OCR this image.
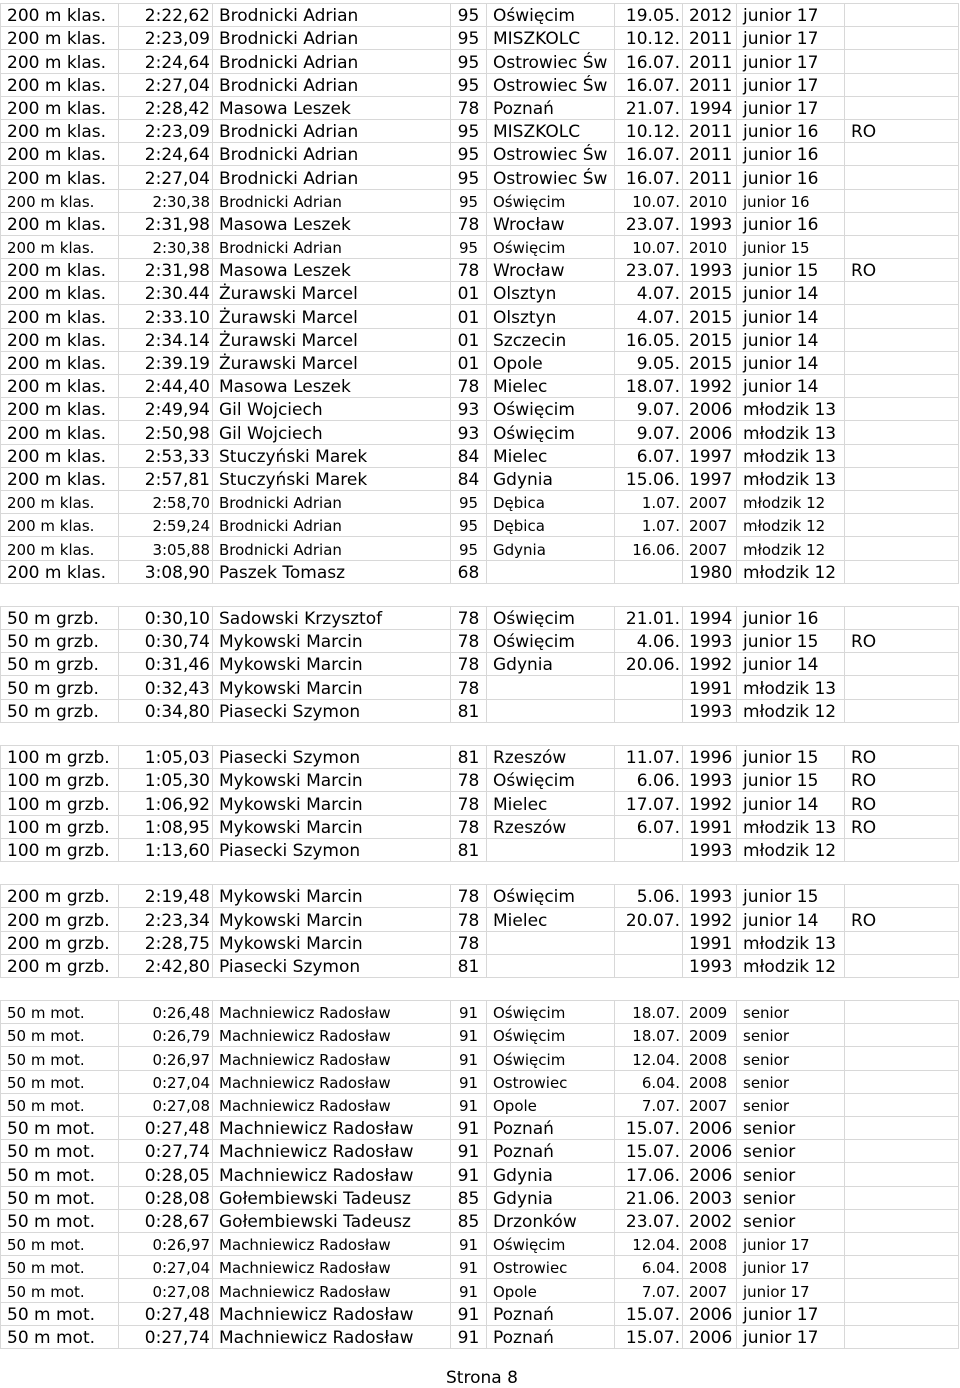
200 m klas.	2:22,62	Brodnicki Adrian	95	Oświęcim	19.05.	2012	junior 17	
200 m klas.	2:23,09	Brodnicki Adrian	95	MISZKOLC	10.12.	2011	junior 17	
200 m klas.	2:24,64	Brodnicki Adrian	95	Ostrowiec Św	16.07.	2011	junior 17	
200 m klas.	2:27,04	Brodnicki Adrian	95	Ostrowiec Św	16.07.	2011	junior 17	
200 m klas.	2:28,42	Masowa Leszek	78	Poznań	21.07.	1994	junior 17	
200 m klas.	2:23,09	Brodnicki Adrian	95	MISZKOLC	10.12.	2011	junior 16	RO
200 m klas.	2:24,64	Brodnicki Adrian	95	Ostrowiec Św	16.07.	2011	junior 16	
200 m klas.	2:27,04	Brodnicki Adrian	95	Ostrowiec Św	16.07.	2011	junior 16	
200 m klas.	2:30,38	Brodnicki Adrian	95	Oświęcim	10.07.	2010	junior 16	
200 m klas.	2:31,98	Masowa Leszek	78	Wrocław	23.07.	1993	junior 16	
200 m klas.	2:30,38	Brodnicki Adrian	95	Oświęcim	10.07.	2010	junior 15	
200 m klas.	2:31,98	Masowa Leszek	78	Wrocław	23.07.	1993	junior 15	RO
200 m klas.	2:30.44	Żurawski Marcel	01	Olsztyn	4.07.	2015	junior 14	
200 m klas.	2:33.10	Żurawski Marcel	01	Olsztyn	4.07.	2015	junior 14	
200 m klas.	2:34.14	Żurawski Marcel	01	Szczecin	16.05.	2015	junior 14	
200 m klas.	2:39.19	Żurawski Marcel	01	Opole	9.05.	2015	junior 14	
200 m klas.	2:44,40	Masowa Leszek	78	Mielec	18.07.	1992	junior 14	
200 m klas.	2:49,94	Gil Wojciech	93	Oświęcim	9.07.	2006	młodzik 13	
200 m klas.	2:50,98	Gil Wojciech	93	Oświęcim	9.07.	2006	młodzik 13	
200 m klas.	2:53,33	Stuczyński Marek	84	Mielec	6.07.	1997	młodzik 13	
200 m klas.	2:57,81	Stuczyński Marek	84	Gdynia	15.06.	1997	młodzik 13	
200 m klas.	2:58,70	Brodnicki Adrian	95	Dębica	1.07.	2007	młodzik 12	
200 m klas.	2:59,24	Brodnicki Adrian	95	Dębica	1.07.	2007	młodzik 12	
200 m klas.	3:05,88	Brodnicki Adrian	95	Gdynia	16.06.	2007	młodzik 12	
200 m klas.	3:08,90	Paszek Tomasz	68			1980	młodzik 12	

50 m grzb.	0:30,10	Sadowski Krzysztof	78	Oświęcim	21.01.	1994	junior 16	
50 m grzb.	0:30,74	Mykowski Marcin	78	Oświęcim	4.06.	1993	junior 15	RO
50 m grzb.	0:31,46	Mykowski Marcin	78	Gdynia	20.06.	1992	junior 14	
50 m grzb.	0:32,43	Mykowski Marcin	78			1991	młodzik 13	
50 m grzb.	0:34,80	Piasecki Szymon	81			1993	młodzik 12	

100 m grzb.	1:05,03	Piasecki Szymon	81	Rzeszów	11.07.	1996	junior 15	RO
100 m grzb.	1:05,30	Mykowski Marcin	78	Oświęcim	6.06.	1993	junior 15	RO
100 m grzb.	1:06,92	Mykowski Marcin	78	Mielec	17.07.	1992	junior 14	RO
100 m grzb.	1:08,95	Mykowski Marcin	78	Rzeszów	6.07.	1991	młodzik 13	RO
100 m grzb.	1:13,60	Piasecki Szymon	81			1993	młodzik 12	

200 m grzb.	2:19,48	Mykowski Marcin	78	Oświęcim	5.06.	1993	junior 15	
200 m grzb.	2:23,34	Mykowski Marcin	78	Mielec	20.07.	1992	junior 14	RO
200 m grzb.	2:28,75	Mykowski Marcin	78			1991	młodzik 13	
200 m grzb.	2:42,80	Piasecki Szymon	81			1993	młodzik 12	

50 m mot.	0:26,48	Machniewicz Radosław	91	Oświęcim	18.07.	2009	senior	
50 m mot.	0:26,79	Machniewicz Radosław	91	Oświęcim	18.07.	2009	senior	
50 m mot.	0:26,97	Machniewicz Radosław	91	Oświęcim	12.04.	2008	senior	
50 m mot.	0:27,04	Machniewicz Radosław	91	Ostrowiec	6.04.	2008	senior	
50 m mot.	0:27,08	Machniewicz Radosław	91	Opole	7.07.	2007	senior	
50 m mot.	0:27,48	Machniewicz Radosław	91	Poznań	15.07.	2006	senior	
50 m mot.	0:27,74	Machniewicz Radosław	91	Poznań	15.07.	2006	senior	
50 m mot.	0:28,05	Machniewicz Radosław	91	Gdynia	17.06.	2006	senior	
50 m mot.	0:28,08	Gołembiewski Tadeusz	85	Gdynia	21.06.	2003	senior	
50 m mot.	0:28,67	Gołembiewski Tadeusz	85	Drzonków	23.07.	2002	senior	
50 m mot.	0:26,97	Machniewicz Radosław	91	Oświęcim	12.04.	2008	junior 17	
50 m mot.	0:27,04	Machniewicz Radosław	91	Ostrowiec	6.04.	2008	junior 17	
50 m mot.	0:27,08	Machniewicz Radosław	91	Opole	7.07.	2007	junior 17	
50 m mot.	0:27,48	Machniewicz Radosław	91	Poznań	15.07.	2006	junior 17	
50 m mot.	0:27,74	Machniewicz Radosław	91	Poznań	15.07.	2006	junior 17	
Strona 8
